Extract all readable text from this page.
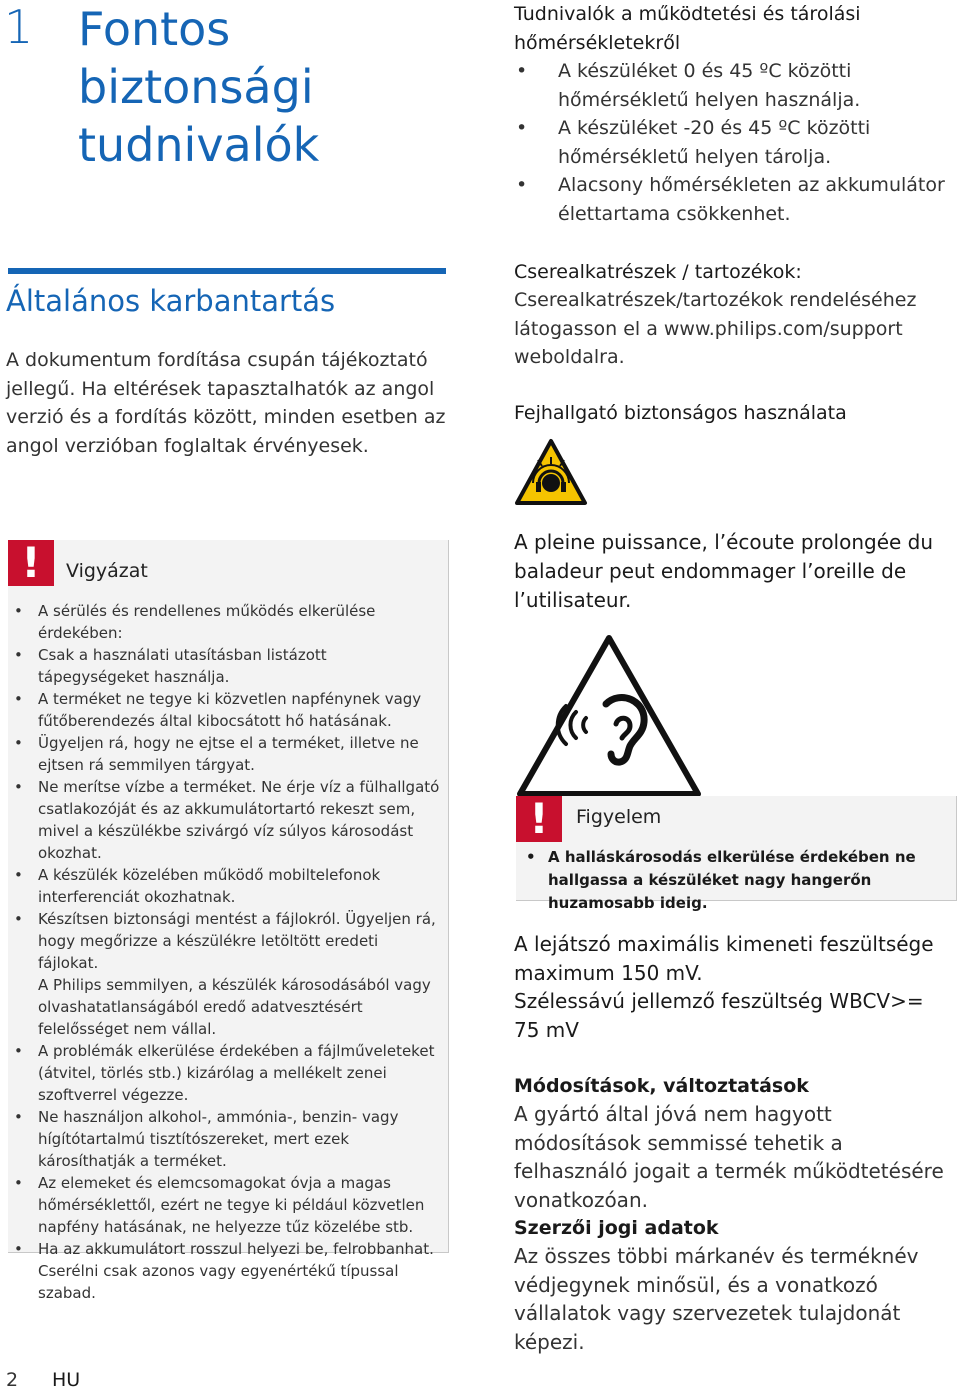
1 Fontos biztonsági tudnivalók
Általános karbantartás
A dokumentum fordítása csupán tájékoztató jellegű. Ha eltérések tapasztalhatók az angol verzió és a fordítás között, minden esetben az angol verzióban foglaltak érvényesek.
!	Vigyázat
• A sérülés és rendellenes működés elkerülése érdekében:
• Csak a használati utasításban listázott tápegységeket használja.
• A terméket ne tegye ki közvetlen napfénynek vagy fűtőberendezés által kibocsátott hő hatásának.
• Ügyeljen rá, hogy ne ejtse el a terméket, illetve ne ejtsen rá semmilyen tárgyat.
• Ne merítse vízbe a terméket. Ne érje víz a fülhallgató csatlakozóját és az akkumulátortartó rekeszt sem, mivel a készülékbe szivárgó víz súlyos károsodást okozhat.
• A készülék közelében működő mobiltelefonok interferenciát okozhatnak.
• Készítsen biztonsági mentést a fájlokról. Ügyeljen rá, hogy megőrizze a készülékre letöltött eredeti fájlokat.
A Philips semmilyen, a készülék károsodásából vagy olvashatatlanságából eredő adatvesztésért felelősséget nem vállal.
• A problémák elkerülése érdekében a fájlműveleteket (átvitel, törlés stb.) kizárólag a mellékelt zenei szoftverrel végezze.
• Ne használjon alkohol-, ammónia-, benzin- vagy hígítótartalmú tisztítószereket, mert ezek károsíthatják a terméket.
• Az elemeket és elemcsomagokat óvja a magas hőmérséklettől, ezért ne tegye ki például közvetlen napfény hatásának, ne helyezze tűz közelébe stb.
• Ha az akkumulátort rosszul helyezi be, felrobbanhat. Cserélni csak azonos vagy egyenértékű típussal szabad.
Tudnivalók a működtetési és tárolási hőmérsékletekről
• A készüléket 0 és 45 ºC közötti hőmérsékletű helyen használja.
• A készüléket -20 és 45 ºC közötti hőmérsékletű helyen tárolja.
• Alacsony hőmérsékleten az akkumulátor élettartama csökkenhet.
Cserealkatrészek / tartozékok:
Cserealkatrészek/tartozékok rendeléséhez látogasson el a www.philips.com/support weboldalra.
Fejhallgató biztonságos használata
A pleine puissance, l’écoute prolongée du baladeur peut endommager l’oreille de l’utilisateur.
!	Figyelem
• A halláskárosodás elkerülése érdekében ne hallgassa a készüléket nagy hangerőn huzamosabb ideig.
A lejátszó maximális kimeneti feszültsége maximum 150 mV.
Szélessávú jellemző feszültség WBCV>= 75 mV
Módosítások, változtatások
A gyártó által jóvá nem hagyott módosítások semmissé tehetik a felhasználó jogait a termék működtetésére vonatkozóan.
Szerzői jogi adatok
Az összes többi márkanév és terméknév védjegynek minősül, és a vonatkozó vállalatok vagy szervezetek tulajdonát képezi.
2 HU
